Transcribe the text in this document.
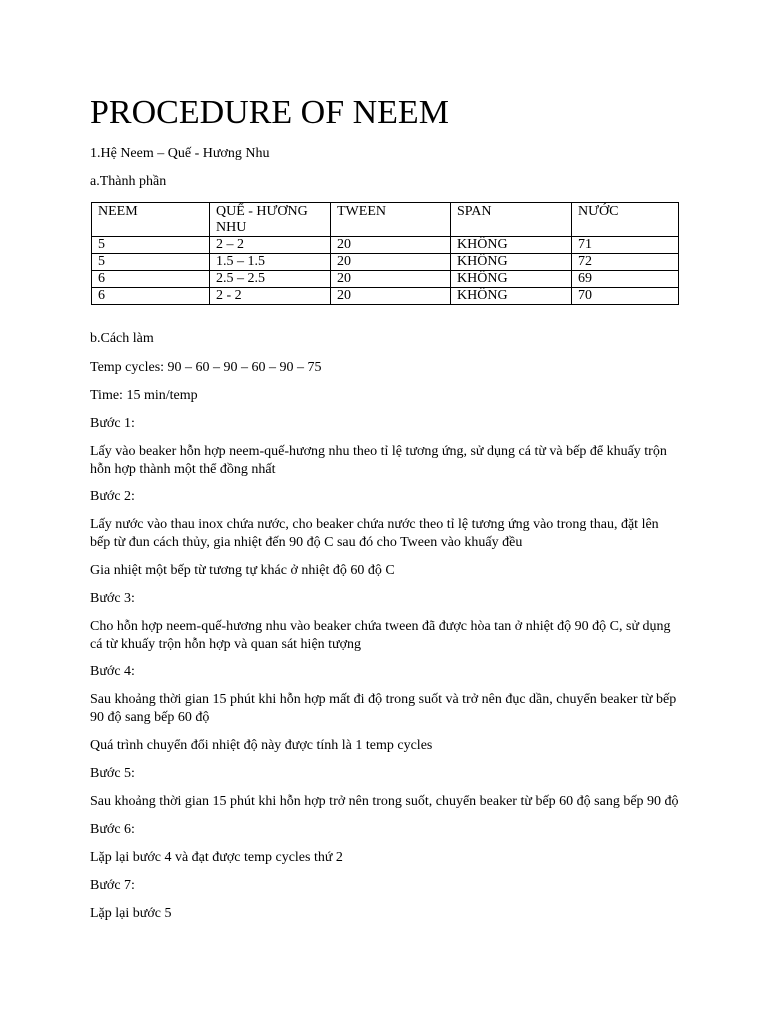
PROCEDURE OF NEEM

1.Hệ Neem – Quế - Hương Nhu

a.Thành phần

NEEM	QUẾ - HƯƠNG NHU	TWEEN	SPAN	NƯỚC
5	2 – 2	20	KHÔNG	71
5	1.5 – 1.5	20	KHÔNG	72
6	2.5 – 2.5	20	KHÔNG	69
6	2 - 2	20	KHÔNG	70

b.Cách làm

Temp cycles: 90 – 60 – 90 – 60 – 90 – 75

Time: 15 min/temp

Bước 1:

Lấy vào beaker hỗn hợp neem-quế-hương nhu theo tỉ lệ tương ứng, sử dụng cá từ và bếp để khuấy trộn hỗn hợp thành một thể đồng nhất

Bước 2:

Lấy nước vào thau inox chứa nước, cho beaker chứa nước theo tỉ lệ tương ứng vào trong thau, đặt lên bếp từ đun cách thủy, gia nhiệt đến 90 độ C sau đó cho Tween vào khuấy đều

Gia nhiệt một bếp từ tương tự khác ở nhiệt độ 60 độ C

Bước 3:

Cho hỗn hợp neem-quế-hương nhu vào beaker chứa tween đã được hòa tan ở nhiệt độ 90 độ C, sử dụng cá từ khuấy trộn hỗn hợp và quan sát hiện tượng

Bước 4:

Sau khoảng thời gian 15 phút khi hỗn hợp mất đi độ trong suốt và trở nên đục dần, chuyển beaker từ bếp 90 độ sang bếp 60 độ

Quá trình chuyển đổi nhiệt độ này được tính là 1 temp cycles

Bước 5:

Sau khoảng thời gian 15 phút khi hỗn hợp trở nên trong suốt, chuyển beaker từ bếp 60 độ sang bếp 90 độ

Bước 6:

Lặp lại bước 4 và đạt được temp cycles thứ 2

Bước 7:

Lặp lại bước 5
